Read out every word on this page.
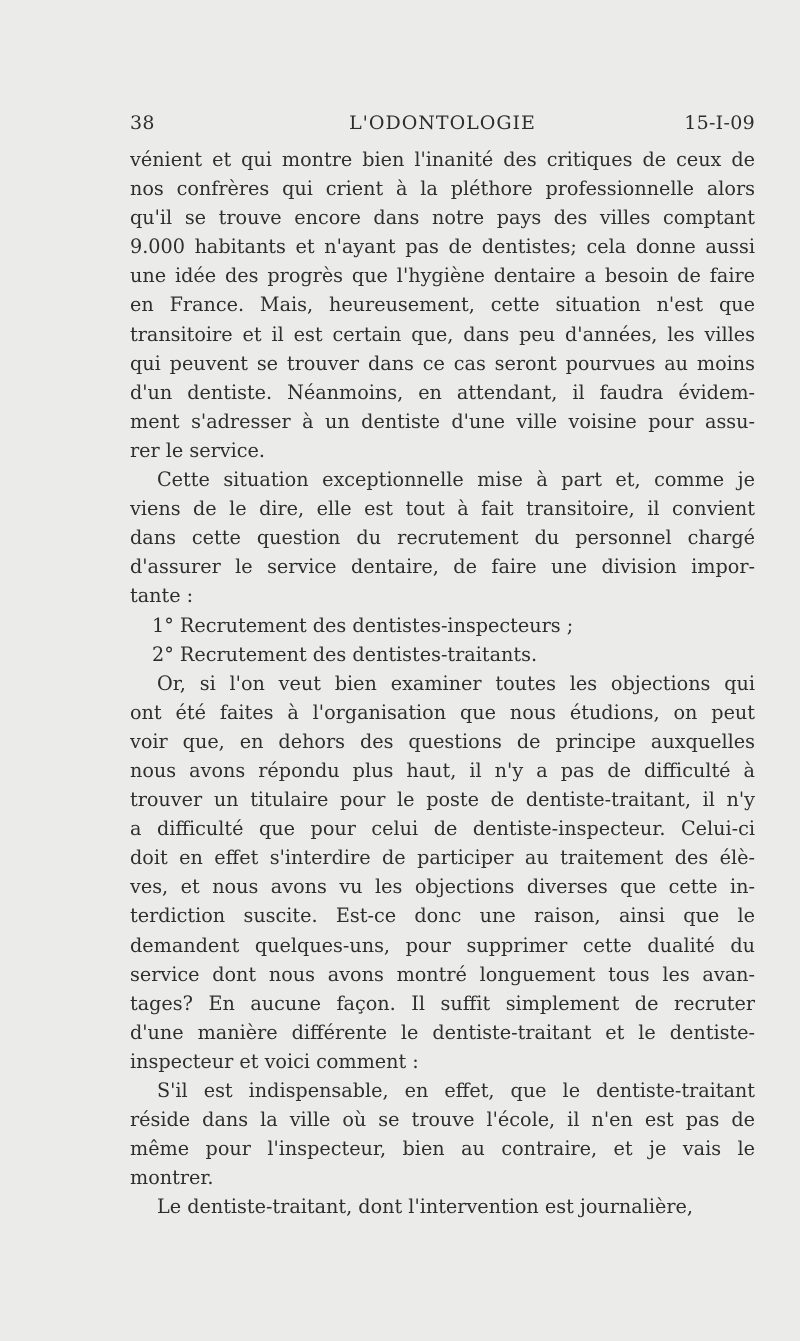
38	L'ODONTOLOGIE	15-I-09
vénient et qui montre bien l'inanité des critiques de ceux de
nos confrères qui crient à la pléthore professionnelle alors
qu'il se trouve encore dans notre pays des villes comptant
9.000 habitants et n'ayant pas de dentistes; cela donne aussi
une idée des progrès que l'hygiène dentaire a besoin de faire
en France. Mais, heureusement, cette situation n'est que
transitoire et il est certain que, dans peu d'années, les villes
qui peuvent se trouver dans ce cas seront pourvues au moins
d'un dentiste. Néanmoins, en attendant, il faudra évidem-
ment s'adresser à un dentiste d'une ville voisine pour assu-
rer le service.
Cette situation exceptionnelle mise à part et, comme je
viens de le dire, elle est tout à fait transitoire, il convient
dans cette question du recrutement du personnel chargé
d'assurer le service dentaire, de faire une division impor-
tante :
1° Recrutement des dentistes-inspecteurs ;
2° Recrutement des dentistes-traitants.
Or, si l'on veut bien examiner toutes les objections qui
ont été faites à l'organisation que nous étudions, on peut
voir que, en dehors des questions de principe auxquelles
nous avons répondu plus haut, il n'y a pas de difficulté à
trouver un titulaire pour le poste de dentiste-traitant, il n'y
a difficulté que pour celui de dentiste-inspecteur. Celui-ci
doit en effet s'interdire de participer au traitement des élè-
ves, et nous avons vu les objections diverses que cette in-
terdiction suscite. Est-ce donc une raison, ainsi que le
demandent quelques-uns, pour supprimer cette dualité du
service dont nous avons montré longuement tous les avan-
tages? En aucune façon. Il suffit simplement de recruter
d'une manière différente le dentiste-traitant et le dentiste-
inspecteur et voici comment :
S'il est indispensable, en effet, que le dentiste-traitant
réside dans la ville où se trouve l'école, il n'en est pas de
même pour l'inspecteur, bien au contraire, et je vais le
montrer.
Le dentiste-traitant, dont l'intervention est journalière,
